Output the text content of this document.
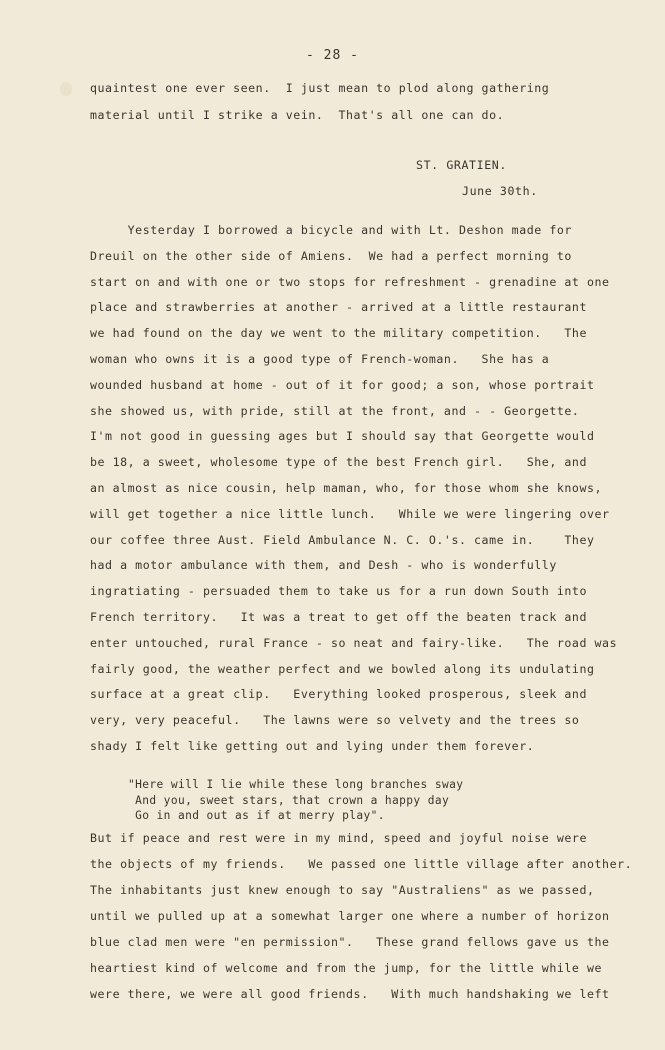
- 28 -
quaintest one ever seen.  I just mean to plod along gathering
material until I strike a vein.  That's all one can do.
ST. GRATIEN.
June 30th.
Yesterday I borrowed a bicycle and with Lt. Deshon made for
Dreuil on the other side of Amiens.  We had a perfect morning to
start on and with one or two stops for refreshment - grenadine at one
place and strawberries at another - arrived at a little restaurant
we had found on the day we went to the military competition.   The
woman who owns it is a good type of French-woman.   She has a
wounded husband at home - out of it for good; a son, whose portrait
she showed us, with pride, still at the front, and - - Georgette.
I'm not good in guessing ages but I should say that Georgette would
be 18, a sweet, wholesome type of the best French girl.   She, and
an almost as nice cousin, help maman, who, for those whom she knows,
will get together a nice little lunch.   While we were lingering over
our coffee three Aust. Field Ambulance N. C. O.'s. came in.    They
had a motor ambulance with them, and Desh - who is wonderfully
ingratiating - persuaded them to take us for a run down South into
French territory.   It was a treat to get off the beaten track and
enter untouched, rural France - so neat and fairy-like.   The road was
fairly good, the weather perfect and we bowled along its undulating
surface at a great clip.   Everything looked prosperous, sleek and
very, very peaceful.   The lawns were so velvety and the trees so
shady I felt like getting out and lying under them forever.
"Here will I lie while these long branches sway
And you, sweet stars, that crown a happy day
Go in and out as if at merry play".
But if peace and rest were in my mind, speed and joyful noise were
the objects of my friends.   We passed one little village after another.
The inhabitants just knew enough to say "Australiens" as we passed,
until we pulled up at a somewhat larger one where a number of horizon
blue clad men were "en permission".   These grand fellows gave us the
heartiest kind of welcome and from the jump, for the little while we
were there, we were all good friends.   With much handshaking we left
